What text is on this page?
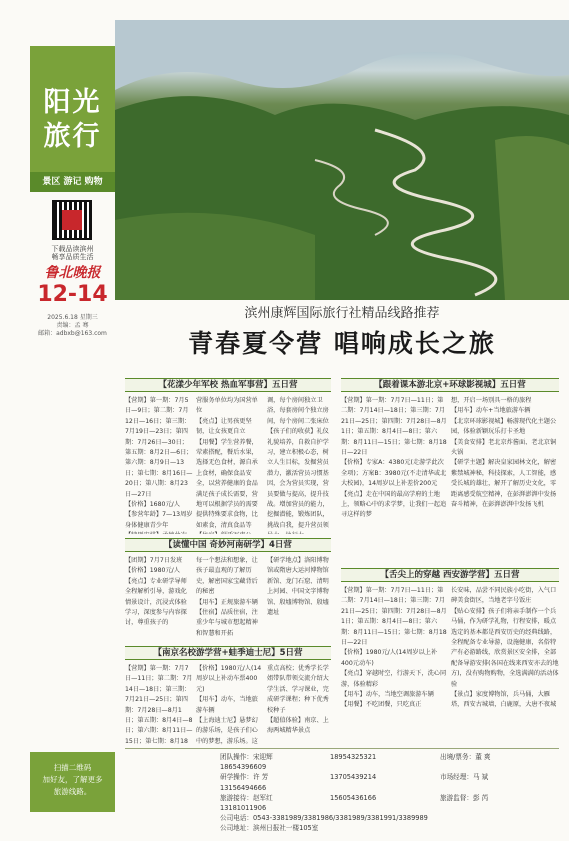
阳光
旅行
景区 游记 购物
下载品读滨州
畅享品质生活
鲁北晚报
12-14
2025.6.18 星期三
责编：孟 骞
邮箱：adbxb@163.com
扫描二维码
加好友，了解更多
旅游线路。
滨州康辉国际旅行社精品线路推荐
青春夏令营 唱响成长之旅
【花漾少年军校 热血军事营】五日营
【营期】第一期：7月5日—9日；第二期：7月12日—16日；第三期：7月19日—23日；第四期：7月26日—30日；第五期：8月2日—6日；第六期：8月9日—13日；第七期：8月16日—20日；第八期：8月23日—27日
【价格】1680元/人
【参营年龄】7—13周岁身体健康青少年

营服务单位均为国营单位
【亮点】让男孩更坚韧，让女孩更自立
【用餐】学生营养餐，荤素搭配，餐后水果，选择无色食材，源自承上食材，确保食品安全，以营养健康的食品满足孩子成长需要，营地可以根据学员的需要提供特殊要求食物，比如素食，清真食品等

调，每个房间独立卫浴，每套房间个独立房间，每个房间二张床位
【孩子们的收获】礼仪礼貌培养，自救自护学习，建立积极心态，树立人生目标，发掘营员潜力，激活营员习惯基因，会为营员实现，营员要做与提高，提升技战。增加营员的能力，挖掘潜能，锻炼团队，挑战自我，提升营员领
【跟着课本游北京+环球影视城】五日营
【营期】第一期：7月7日—11日；第二期：7月14日—18日；第三期：7月21日—25日；第四期：7月28日—8月1日；第五期：8月4日—8日；第六期：8月11日—15日；第七期：8月18日—22日
【价格】专家A：4380元(走游学此次全项)；方案B：3980元(不走清华或北大校园)，14周岁以上补差价200元
【亮点】走在中国的最高学府的土地上，领略心中的求学梦，让我们一起追寻这样的梦
想，开启一场别具一格的旅程
【用车】动车+当地旅游车辆
【北京环球影视城】畅游现代化主题公园，体验新颖玩乐打卡圣地
【美食安排】老北京炸酱面、老北京铜火锅
【研学主题】解决皇家园林文化，解密紫禁城神秘，科技探索，人工智能，感受长城的雄壮，解开了解历史文化，零距离感受航空精神，在彭湃澎湃中发扬奋斗精神，在彭湃澎湃中发扬飞机
【读懂中国 奇妙河南研学】4日营
【团期】7月7日发班
【价格】1980元/人
【亮点】专业研学导师全程解析引导，游戏化情景设计，沉浸式体验学习，深度参与内容探讨，尊重孩子的
每一个想法和想象，让孩子最直观的了解历史，解密国家宝藏背后的秘密
【用车】正规旅游车辆
【住宿】品质住宿，注重少年与城市想起精神和智慧和开拓
【研学地点】洛阳博物馆或隋唐大运河博物馆新馆、龙门石窟、清明上河园、中国文字博物馆、殷墟博物馆、殷墟遗址
【舌尖上的穿越 西安游学营】五日营
【营期】第一期：7月7日—11日；第二期：7月14日—18日；第三期：7月21日—25日；第四期：7月28日—8月1日；第五期：8月4日—8日；第六期：8月11日—15日；第七期：8月18日—22日
【价格】1980元/人(14周岁以上补400元动车)
【亮点】穿越时空，行游天下，洗心同游，体验精彩
【用车】动车，当地空调旅游车辆
【用餐】不吃团餐，只吃真正
长安味，品尝不同民族小吃街，入气口碑美食街区，当地老字号饭庄
【贴心安排】孩子们将亲手制作一个兵马俑，作为研学礼物，行程安排，暖点选定的基本都是西安历史的经典线路，全程配备专业导游，设施健康，名俗特产有必游路线，欣赏景区安全排，全部配备导游安排(各国在线来西安亦去的地方)，没有购物购物，全选满满的活动体验
【景点】家度博物馆，兵马俑，大雁塔，西安古城墙，白鹿原，大唐不夜城
【南京名校游学营+蛙季迪士尼】5日营
【营期】第一期：7月7日—11日；第二期：7月14日—18日；第三期：7月21日—25日；第四期：7月28日—8月1日；第五期：8月4日—8日；第六期：8月11日—15日；第七期：8月18
【价格】1980元/人(14周岁以上补动车票400元)
【用车】动车，当地旅游车辆
【上海迪士尼】悬梦幻的游乐场，是孩子们心中的梦想，游乐场。这

重点高校；优秀学长学姐带队带领交流介绍大学生活、学习课业，完成研学课程；种下优秀校种子
【超值体验】南京、上海两城精华景点
团队操作：宋迎辉	18954325321	出境/票务：董 爽18654396609
研学操作：许 芳	13705439214	市场经理：马 斌13156494666
旅游接待：赵军红	15605436166	旅游监督：彭 芮13181011906
公司电话：0543-3381989/3381986/3381989/3381991/3389989
公司地址：滨州日报社一楼105室
